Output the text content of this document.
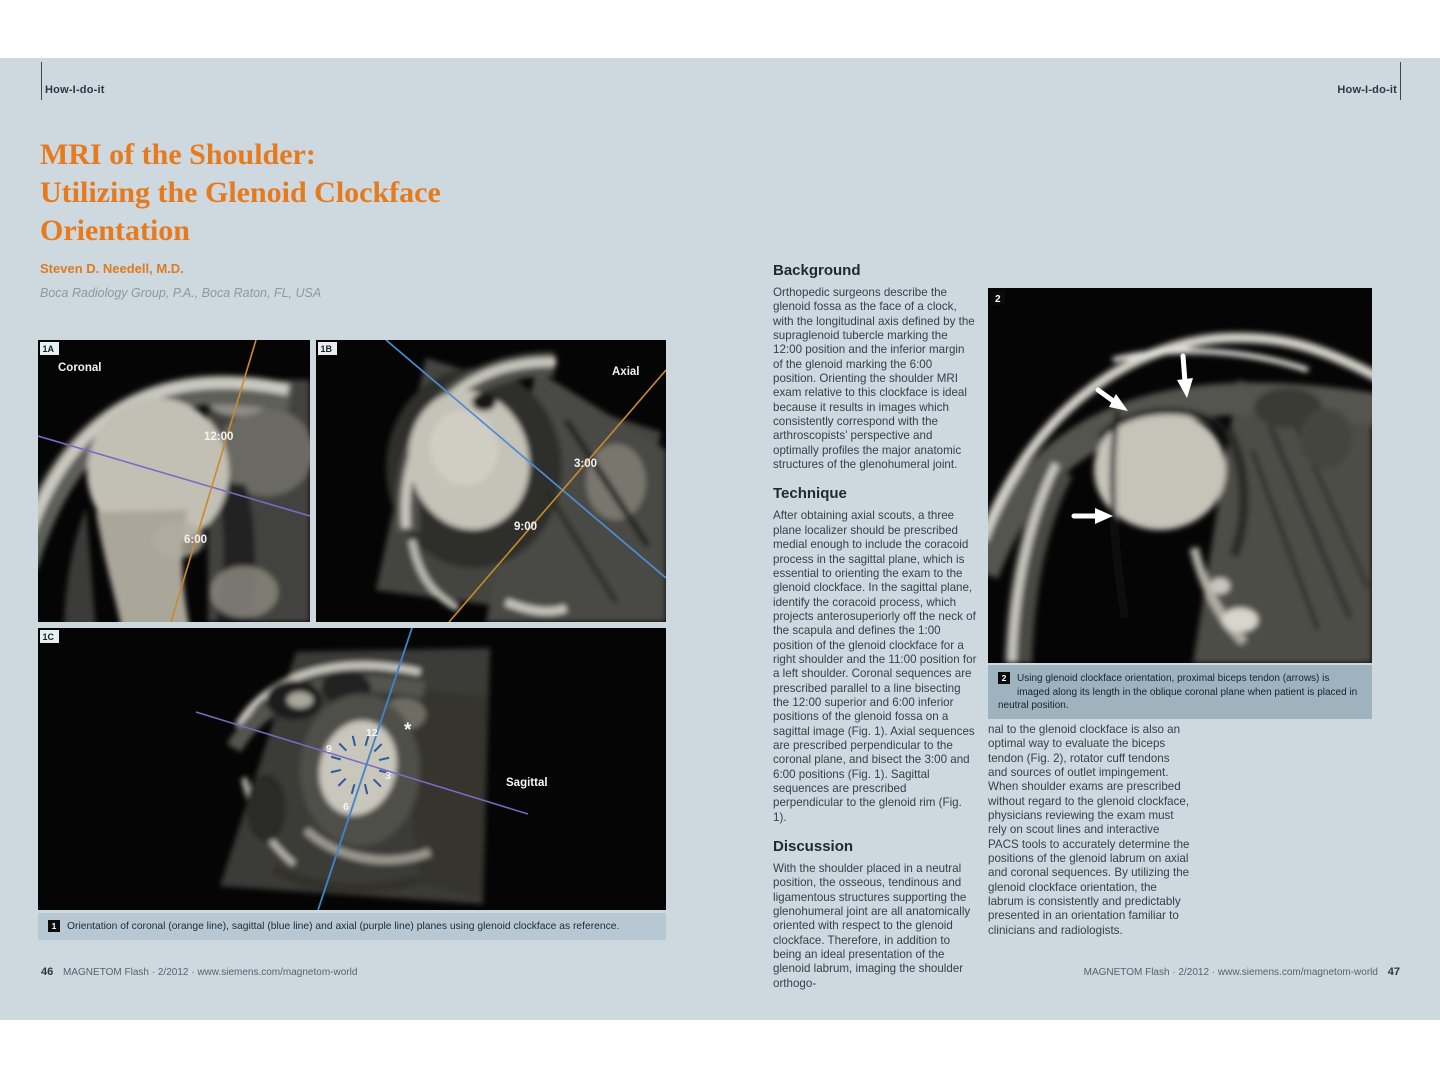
How-I-do-it	How-I-do-it
MRI of the Shoulder:
Utilizing the Glenoid Clockface
Orientation
Steven D. Needell, M.D.
Boca Radiology Group, P.A., Boca Raton, FL, USA
Coronal
12:00
6:00
1A
Axial
3:00
9:00
1B
12
9
3
6
*
Sagittal
1C
1	Orientation of coronal (orange line), sagittal (blue line) and axial (purple line) planes using glenoid clockface as reference.
2
2	Using glenoid clockface orientation, proximal biceps tendon (arrows) is imaged along its length in the oblique coronal plane when patient is placed in neutral position.
Background

Orthopedic surgeons describe the glenoid fossa as the face of a clock, with the longitudinal axis defined by the supraglenoid tubercle marking the 12:00 position and the inferior margin of the glenoid marking the 6:00 position. Orienting the shoulder MRI exam relative to this clockface is ideal because it results in images which consistently correspond with the arthroscopists’ perspective and optimally profiles the major anatomic structures of the glenohumeral joint.

Technique

After obtaining axial scouts, a three plane localizer should be prescribed medial enough to include the coracoid process in the sagittal plane, which is essential to orienting the exam to the glenoid clockface. In the sagittal plane, identify the coracoid process, which projects anterosuperiorly off the neck of the scapula and defines the 1:00 position of the glenoid clockface for a right shoulder and the 11:00 position for a left shoulder. Coronal sequences are prescribed parallel to a line bisecting the 12:00 superior and 6:00 inferior positions of the glenoid fossa on a sagittal image (Fig. 1). Axial sequences are prescribed perpendicular to the coronal plane, and bisect the 3:00 and 6:00 positions (Fig. 1). Sagittal sequences are prescribed perpendicular to the glenoid rim (Fig. 1).

Discussion

With the shoulder placed in a neutral position, the osseous, tendinous and ligamentous structures supporting the glenohumeral joint are all anatomically oriented with respect to the glenoid clockface. Therefore, in addition to being an ideal presentation of the glenoid labrum, imaging the shoulder orthogo-

nal to the glenoid clockface is also an optimal way to evaluate the biceps tendon (Fig. 2), rotator cuff tendons and sources of outlet impingement. When shoulder exams are prescribed without regard to the glenoid clockface, physicians reviewing the exam must rely on scout lines and interactive PACS tools to accurately determine the positions of the glenoid labrum on axial and coronal sequences. By utilizing the glenoid clockface orientation, the labrum is consistently and predictably presented in an orientation familiar to clinicians and radiologists.

46 MAGNETOM Flash · 2/2012 · www.siemens.com/magnetom-world	MAGNETOM Flash · 2/2012 · www.siemens.com/magnetom-world 47
